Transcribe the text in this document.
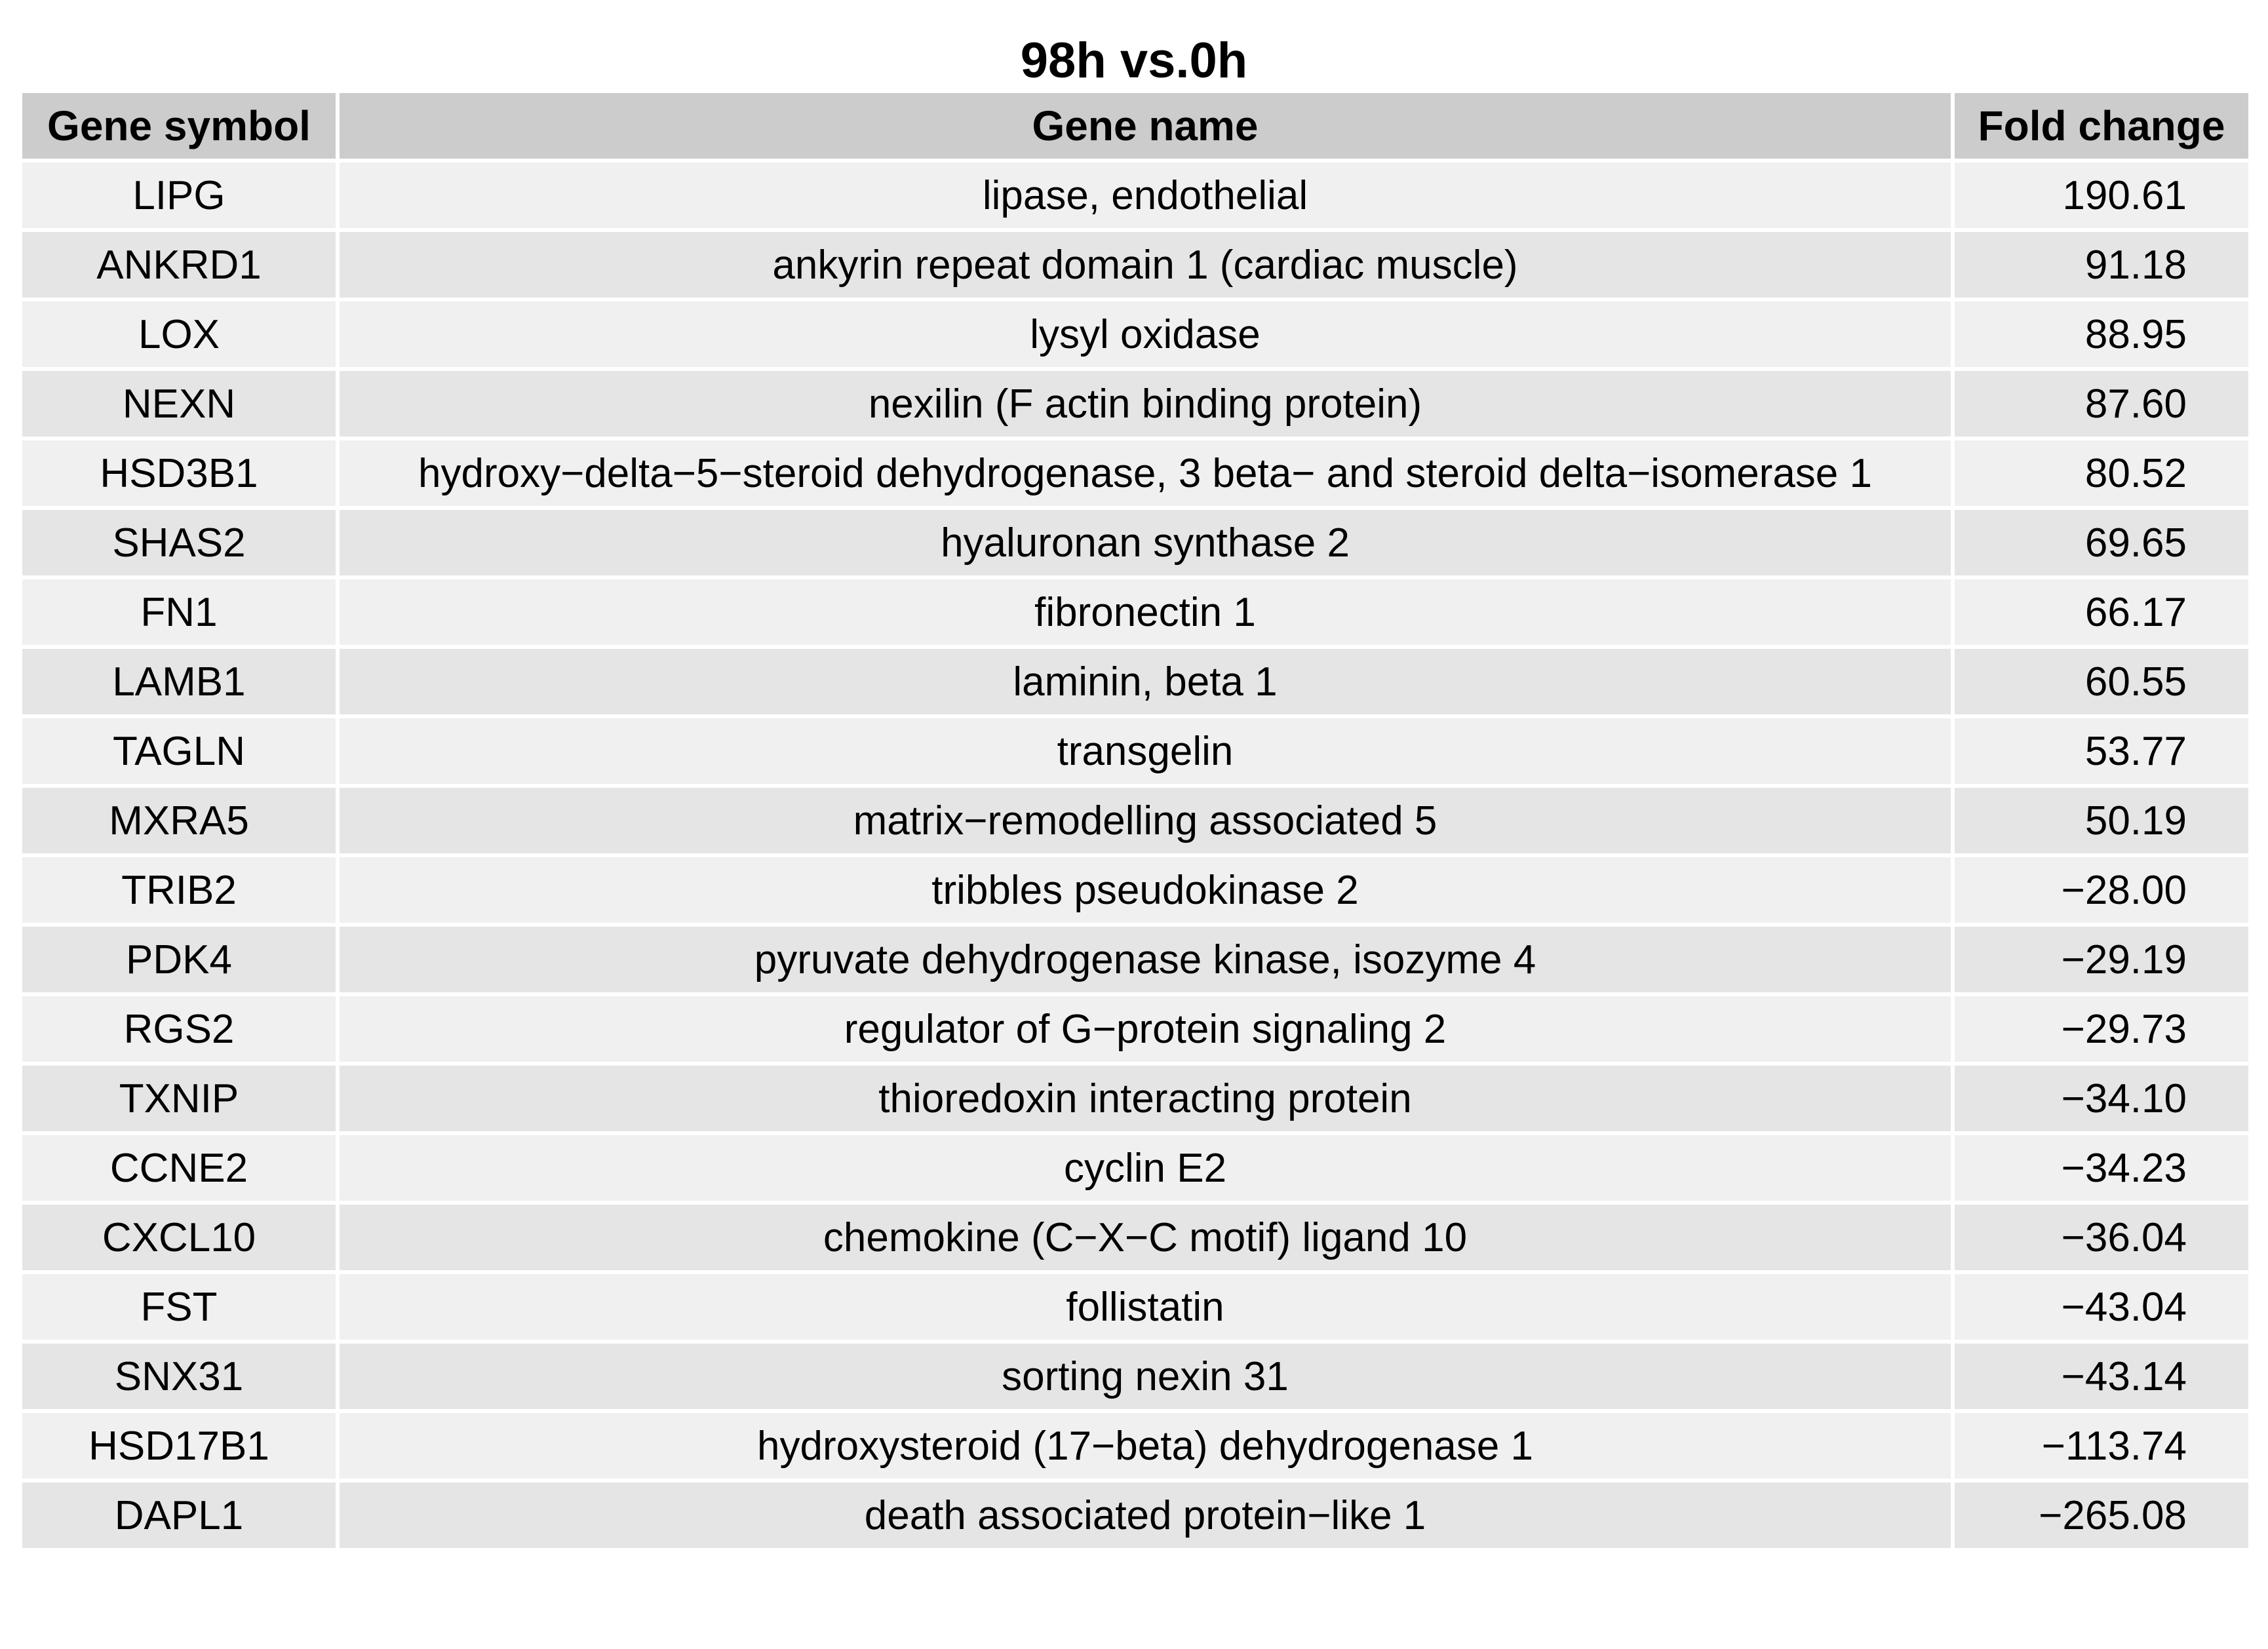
98h vs.0h
Gene symbol	Gene name	Fold change
LIPG	lipase, endothelial	190.61
ANKRD1	ankyrin repeat domain 1 (cardiac muscle)	91.18
LOX	lysyl oxidase	88.95
NEXN	nexilin (F actin binding protein)	87.60
HSD3B1	hydroxy−delta−5−steroid dehydrogenase, 3 beta− and steroid delta−isomerase 1	80.52
SHAS2	hyaluronan synthase 2	69.65
FN1	fibronectin 1	66.17
LAMB1	laminin, beta 1	60.55
TAGLN	transgelin	53.77
MXRA5	matrix−remodelling associated 5	50.19
TRIB2	tribbles pseudokinase 2	−28.00
PDK4	pyruvate dehydrogenase kinase, isozyme 4	−29.19
RGS2	regulator of G−protein signaling 2	−29.73
TXNIP	thioredoxin interacting protein	−34.10
CCNE2	cyclin E2	−34.23
CXCL10	chemokine (C−X−C motif) ligand 10	−36.04
FST	follistatin	−43.04
SNX31	sorting nexin 31	−43.14
HSD17B1	hydroxysteroid (17−beta) dehydrogenase 1	−113.74
DAPL1	death associated protein−like 1	−265.08
